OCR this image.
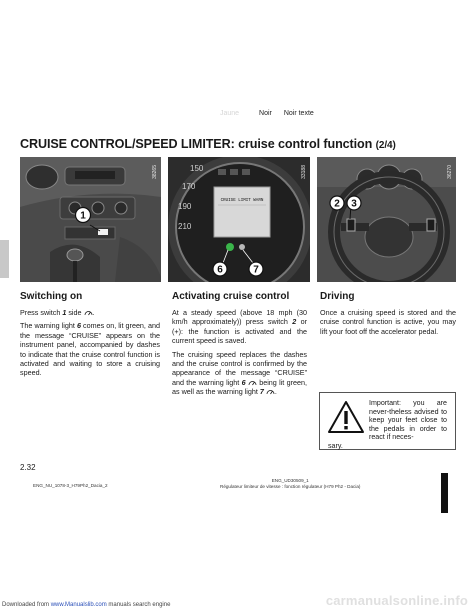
Jaune	Noir Noir texte
CRUISE CONTROL/SPEED LIMITER: cruise control function (2/4)
1
38265
170
190
210
150
CRUISE LIMIT WARN
6	7
33188
2 3
36270
Switching on

Press switch 1 side .

The warning light 6 comes on, lit green, and the message “CRUISE” appears on the instrument panel, accompanied by dashes to indicate that the cruise control function is activated and waiting to store a cruising speed.

Activating cruise control

At a steady speed (above 18 mph (30 km/h approximately)) press switch 2 or (+): the function is activated and the current speed is saved.

The cruising speed replaces the dashes and the cruise control is confirmed by the appearance of the message “CRUISE” and the warning light 6  being lit green, as well as the warning light 7 .

Driving

Once a cruising speed is stored and the cruise control function is active, you may lift your foot off the accelerator pedal.

Important: you are never-theless advised to keep your feet close to the pedals in order to react if neces-

sary.

2.32
ENG_NU_1078-3_H79Ph2_Dacia_2
ENG_UD30509_1
Régulateur limiteur de vitesse : fonction régulateur (H79 Ph2 - Dacia)
Downloaded from www.Manualslib.com manuals search engine	carmanualsonline.info
